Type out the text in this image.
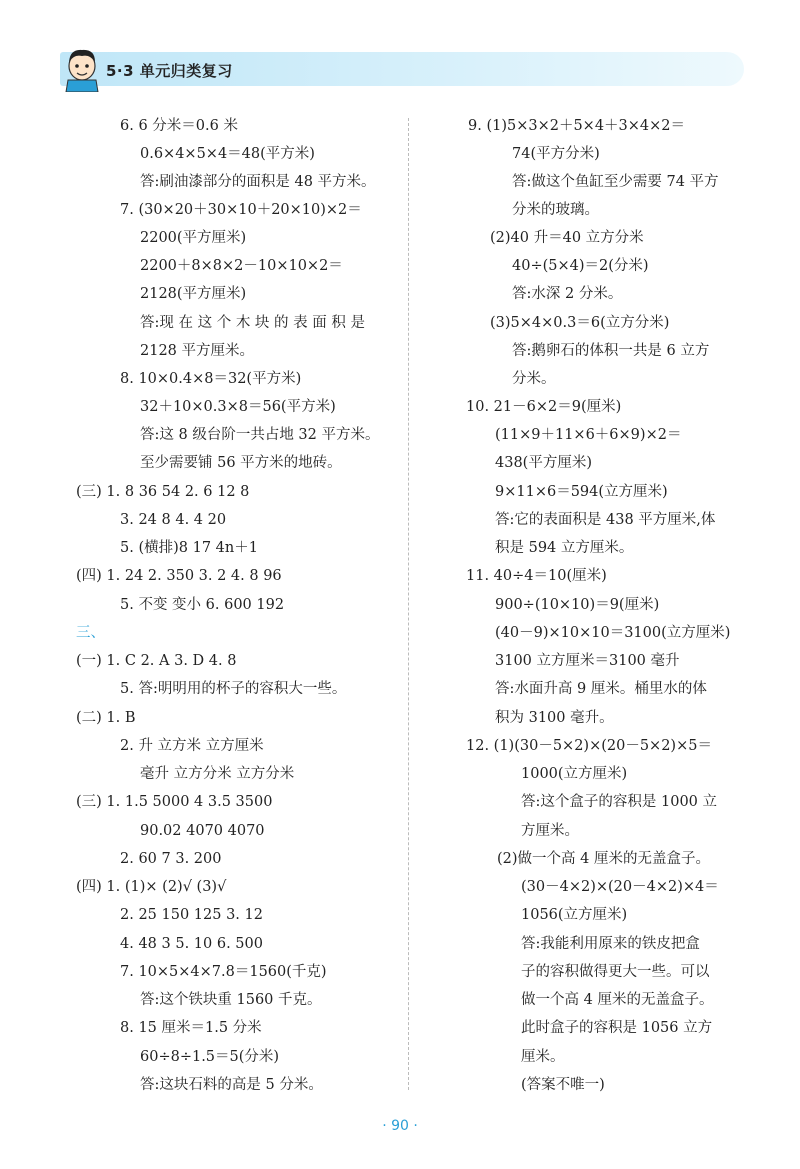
5·3 单元归类复习
6. 6 分米＝0.6 米
0.6×4×5×4＝48(平方米)
答:刷油漆部分的面积是 48 平方米。
7. (30×20＋30×10＋20×10)×2＝
2200(平方厘米)
2200＋8×8×2－10×10×2＝
2128(平方厘米)
答:现 在 这 个 木 块 的 表 面 积 是
2128 平方厘米。
8. 10×0.4×8＝32(平方米)
32＋10×0.3×8＝56(平方米)
答:这 8 级台阶一共占地 32 平方米。
至少需要铺 56 平方米的地砖。
(三) 1. 8 36 54 2. 6 12 8
3. 24 8 4. 4 20
5. (横排)8 17 4n＋1
(四) 1. 24 2. 350 3. 2 4. 8 96
5. 不变 变小 6. 600 192
三、
(一) 1. C 2. A 3. D 4. 8
5. 答:明明用的杯子的容积大一些。
(二) 1. B
2. 升 立方米 立方厘米
毫升 立方分米 立方分米
(三) 1. 1.5 5000 4 3.5 3500
90.02 4070 4070
2. 60 7 3. 200
(四) 1. (1)× (2)√ (3)√
2. 25 150 125 3. 12
4. 48 3 5. 10 6. 500
7. 10×5×4×7.8＝1560(千克)
答:这个铁块重 1560 千克。
8. 15 厘米＝1.5 分米
60÷8÷1.5＝5(分米)
答:这块石料的高是 5 分米。
9. (1)5×3×2＋5×4＋3×4×2＝
74(平方分米)
答:做这个鱼缸至少需要 74 平方
分米的玻璃。
(2)40 升＝40 立方分米
40÷(5×4)＝2(分米)
答:水深 2 分米。
(3)5×4×0.3＝6(立方分米)
答:鹅卵石的体积一共是 6 立方
分米。
10. 21－6×2＝9(厘米)
(11×9＋11×6＋6×9)×2＝
438(平方厘米)
9×11×6＝594(立方厘米)
答:它的表面积是 438 平方厘米,体
积是 594 立方厘米。
11. 40÷4＝10(厘米)
900÷(10×10)＝9(厘米)
(40－9)×10×10＝3100(立方厘米)
3100 立方厘米＝3100 毫升
答:水面升高 9 厘米。桶里水的体
积为 3100 毫升。
12. (1)(30－5×2)×(20－5×2)×5＝
1000(立方厘米)
答:这个盒子的容积是 1000 立
方厘米。
(2)做一个高 4 厘米的无盖盒子。
(30－4×2)×(20－4×2)×4＝
1056(立方厘米)
答:我能利用原来的铁皮把盒
子的容积做得更大一些。可以
做一个高 4 厘米的无盖盒子。
此时盒子的容积是 1056 立方
厘米。
(答案不唯一)
· 90 ·
